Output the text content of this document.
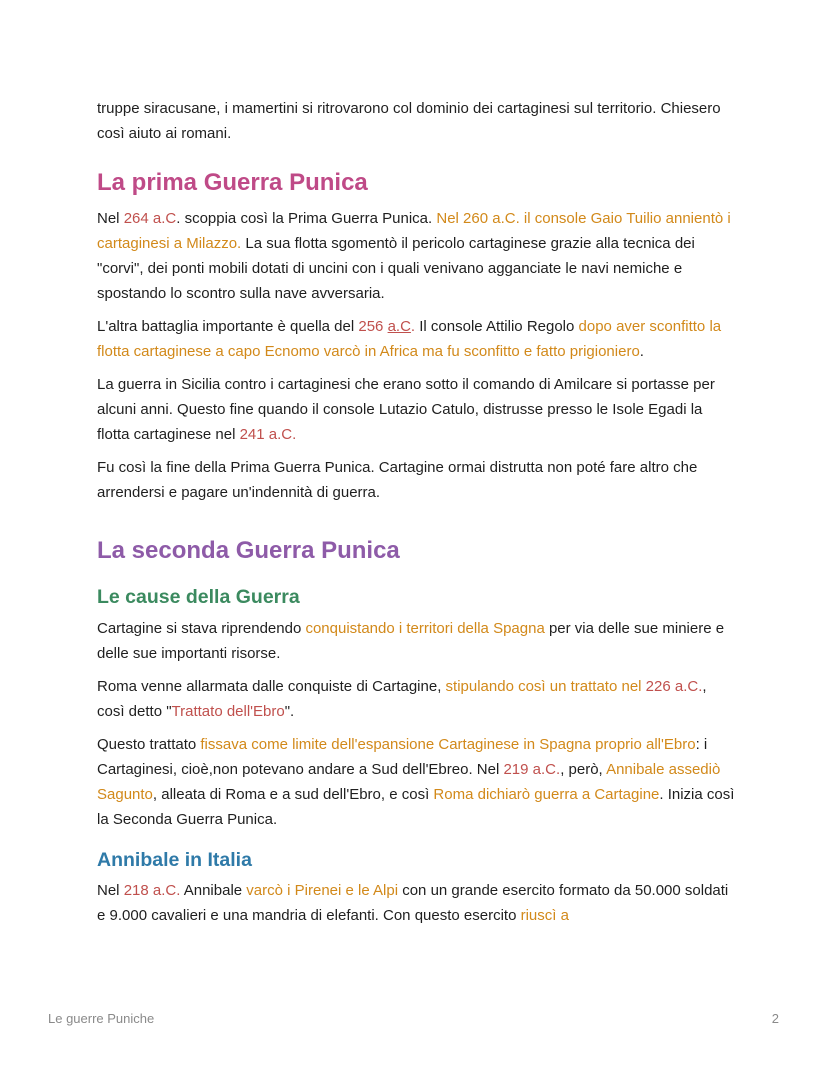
truppe siracusane, i mamertini si ritrovarono col dominio dei cartaginesi sul territorio. Chiesero così aiuto ai romani.

La prima Guerra Punica

Nel 264 a.C. scoppia così la Prima Guerra Punica. Nel 260 a.C. il console Gaio Tuilio annientò i cartaginesi a Milazzo. La sua flotta sgomentò il pericolo cartaginese grazie alla tecnica dei "corvi", dei ponti mobili dotati di uncini con i quali venivano agganciate le navi nemiche e spostando lo scontro sulla nave avversaria.

L'altra battaglia importante è quella del 256 a.C. Il console Attilio Regolo dopo aver sconfitto la flotta cartaginese a capo Ecnomo varcò in Africa ma fu sconfitto e fatto prigioniero.

La guerra in Sicilia contro i cartaginesi che erano sotto il comando di Amilcare si portasse per alcuni anni. Questo fine quando il console Lutazio Catulo, distrusse presso le Isole Egadi la flotta cartaginese nel 241 a.C.

Fu così la fine della Prima Guerra Punica. Cartagine ormai distrutta non poté fare altro che arrendersi e pagare un'indennità di guerra.

La seconda Guerra Punica
Le cause della Guerra

Cartagine si stava riprendendo conquistando i territori della Spagna per via delle sue miniere e delle sue importanti risorse.

Roma venne allarmata dalle conquiste di Cartagine, stipulando così un trattato nel 226 a.C., così detto "Trattato dell'Ebro".

Questo trattato fissava come limite dell'espansione Cartaginese in Spagna proprio all'Ebro: i Cartaginesi, cioè,non potevano andare a Sud dell'Ebreo. Nel 219 a.C., però, Annibale assediò Sagunto, alleata di Roma e a sud dell'Ebro, e così Roma dichiarò guerra a Cartagine. Inizia così la Seconda Guerra Punica.

Annibale in Italia

Nel 218 a.C. Annibale varcò i Pirenei e le Alpi con un grande esercito formato da 50.000 soldati e 9.000 cavalieri e una mandria di elefanti. Con questo esercito riuscì a

Le guerre Puniche	2
